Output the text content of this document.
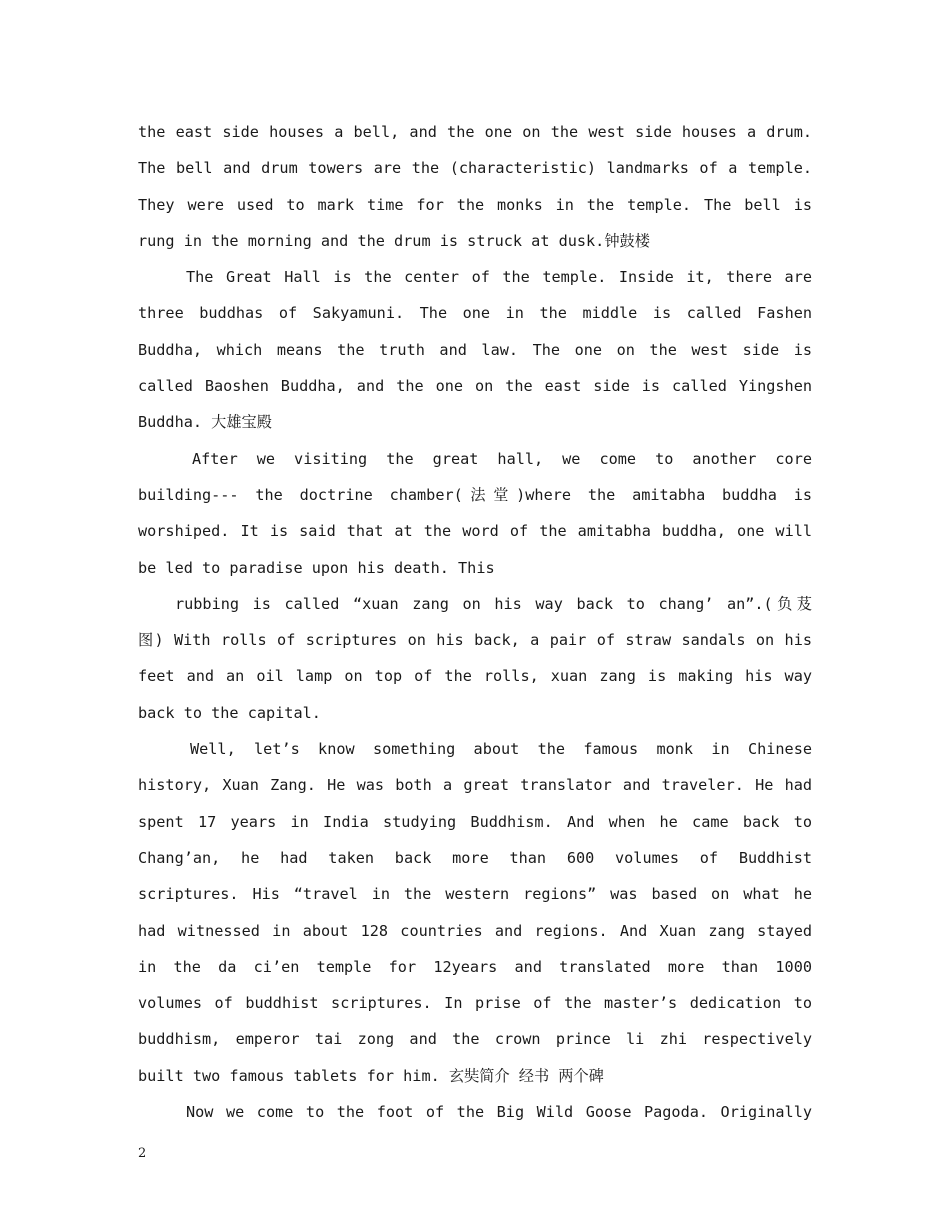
the east side houses a bell, and the one on the west side houses a drum.
The bell and drum towers are the (characteristic) landmarks of a temple.
They were used to mark time for the monks in the temple. The bell is
rung in the morning and the drum is struck at dusk.钟鼓楼
The Great Hall is the center of the temple. Inside it, there are
three buddhas of Sakyamuni. The one in the middle is called Fashen
Buddha, which means the truth and law. The one on the west side is
called Baoshen Buddha, and the one on the east side is called Yingshen
Buddha. 大雄宝殿
After we visiting the great hall, we come to another core
building--- the doctrine chamber(法堂)where the amitabha buddha is
worshiped. It is said that at the word of the amitabha buddha, one will
be led to paradise upon his death. This
rubbing is called “xuan zang on his way back to chang’ an”.(负芨
图) With rolls of scriptures on his back, a pair of straw sandals on his
feet and an oil lamp on top of the rolls, xuan zang is making his way
back to the capital.
Well, let’s know something about the famous monk in Chinese
history, Xuan Zang. He was both a great translator and traveler. He had
spent 17 years in India studying Buddhism. And when he came back to
Chang’an, he had taken back more than 600 volumes of Buddhist
scriptures. His “travel in the western regions” was based on what he
had witnessed in about 128 countries and regions. And Xuan zang stayed
in the da ci’en temple for 12years and translated more than 1000
volumes of buddhist scriptures. In prise of the master’s dedication to
buddhism, emperor tai zong and the crown prince li zhi respectively
built two famous tablets for him. 玄奘简介 经书 两个碑
Now we come to the foot of the Big Wild Goose Pagoda. Originally
2
